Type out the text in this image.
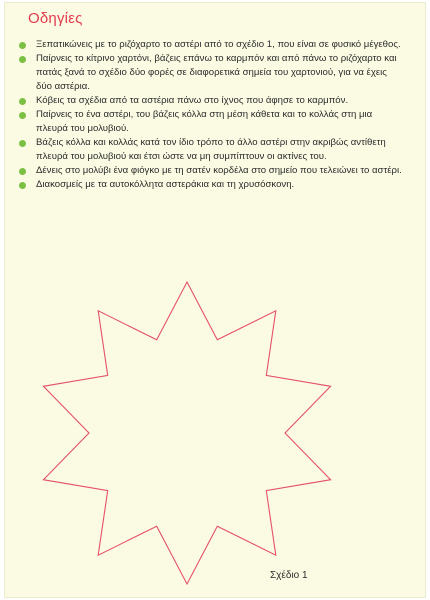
Οδηγίες
Ξεπατικώνεις με το ριζόχαρτο το αστέρι από το σχέδιο 1, που είναι σε φυσικό μέγεθος.
Παίρνεις το κίτρινο χαρτόνι, βάζεις επάνω το καρμπόν και από πάνω το ριζόχαρτο και πατάς ξανά το σχέδιο δύο φορές σε διαφορετικά σημεία του χαρτονιού, για να έχεις δύο αστέρια.
Κόβεις τα σχέδια από τα αστέρια πάνω στο ίχνος που άφησε το καρμπόν.
Παίρνεις το ένα αστέρι, του βάζεις κόλλα στη μέση κάθετα και το κολλάς στη μια πλευρά του μολυβιού.
Βάζεις κόλλα και κολλάς κατά τον ίδιο τρόπο το άλλο αστέρι στην ακριβώς αντίθετη πλευρά του μολυβιού και έτσι ώστε να μη συμπίπτουν οι ακτίνες του.
Δένεις στο μολύβι ένα φιόγκο με τη σατέν κορδέλα στο σημείο που τελειώνει το αστέρι.
Διακοσμείς με τα αυτοκόλλητα αστεράκια και τη χρυσόσκονη.
Σχέδιο 1
